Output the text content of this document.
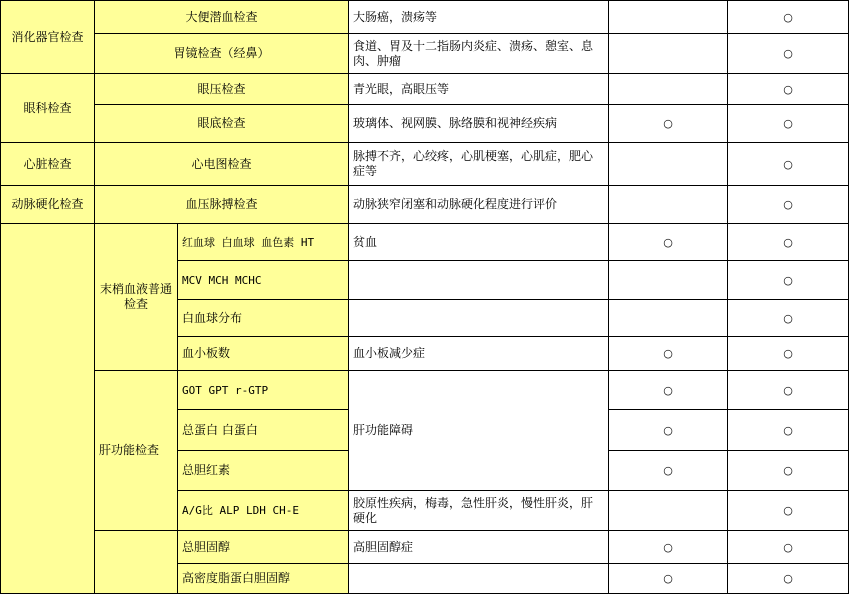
消化器官检查	大便潜血检查		大肠癌，溃疡等		○
	胃镜检查（经鼻）		食道、胃及十二指肠内炎症、溃疡、憩室、息肉、肿瘤		○
眼科检查	眼压检查		青光眼，高眼压等		○
	眼底检查		玻璃体、视网膜、脉络膜和视神经疾病	○	○
心脏检查	心电图检查		脉搏不齐，心绞疼，心肌梗塞，心肌症，肥心症等		○
动脉硬化检查	血压脉搏检查		动脉狭窄闭塞和动脉硬化程度进行评价		○
	末梢血液普通检查	红血球 白血球 血色素 HT	贫血	○	○
		MCV MCH MCHC			○
		白血球分布			○
		血小板数	血小板减少症	○	○
	肝功能检查	GOT GPT r-GTP	肝功能障碍	○	○
		总蛋白 白蛋白		○	○
		总胆红素		○	○
		A/G比 ALP LDH CH-E	胶原性疾病，梅毒，急性肝炎，慢性肝炎，肝硬化		○
		总胆固醇	高胆固醇症	○	○
		高密度脂蛋白胆固醇		○	○
